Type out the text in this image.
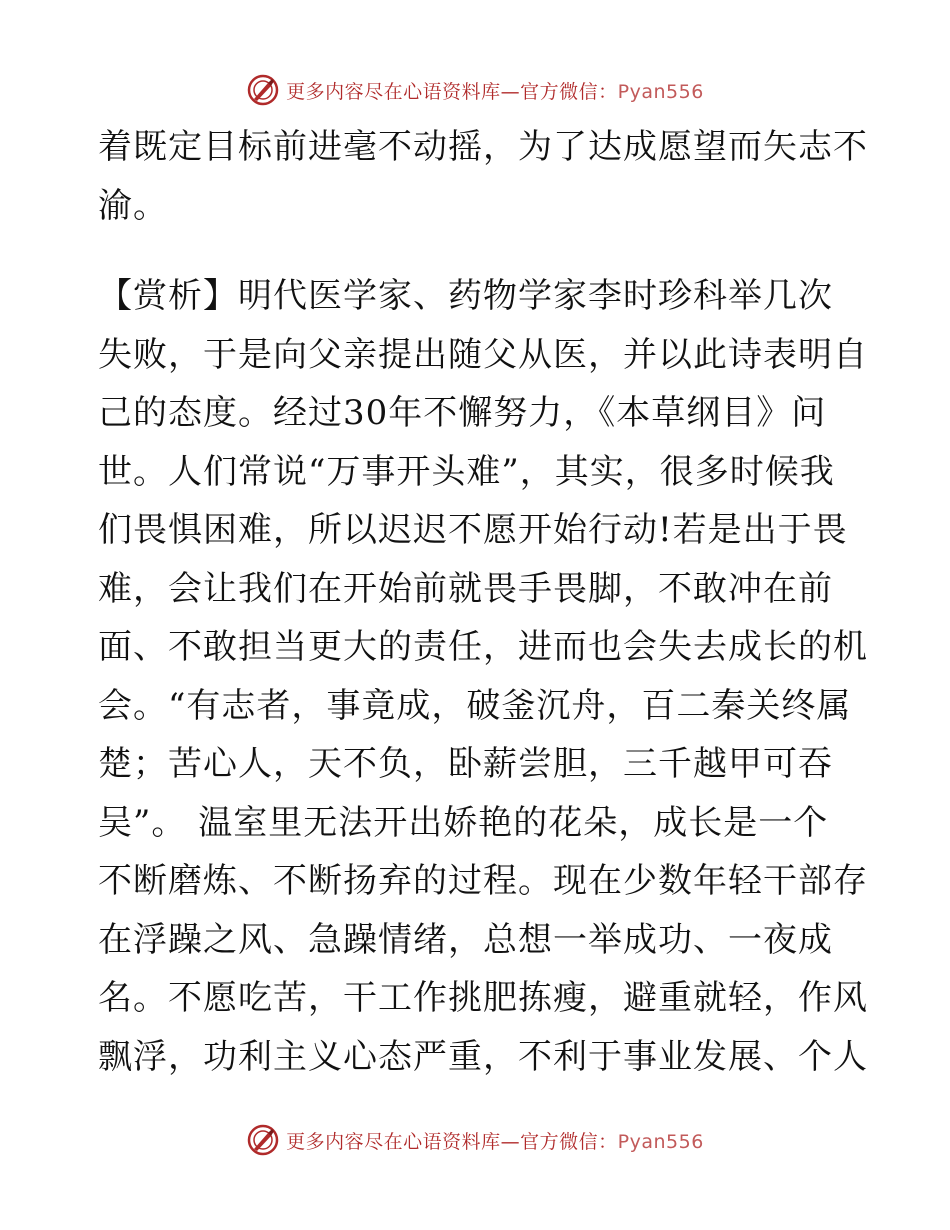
更多内容尽在心语资料库—官方微信：Pyan556
着既定目标前进毫不动摇，为了达成愿望而矢志不
渝。
【赏析】明代医学家、药物学家李时珍科举几次
失败，于是向父亲提出随父从医，并以此诗表明自
己的态度。经过30年不懈努力，《本草纲目》问
世。人们常说“万事开头难”，其实，很多时候我
们畏惧困难，所以迟迟不愿开始行动!若是出于畏
难，会让我们在开始前就畏手畏脚，不敢冲在前
面、不敢担当更大的责任，进而也会失去成长的机
会。“有志者，事竟成，破釜沉舟，百二秦关终属
楚；苦心人，天不负，卧薪尝胆，三千越甲可吞
吴”。 温室里无法开出娇艳的花朵，成长是一个
不断磨炼、不断扬弃的过程。现在少数年轻干部存
在浮躁之风、急躁情绪，总想一举成功、一夜成
名。不愿吃苦，干工作挑肥拣瘦，避重就轻，作风
飘浮，功利主义心态严重，不利于事业发展、个人
更多内容尽在心语资料库—官方微信：Pyan556
